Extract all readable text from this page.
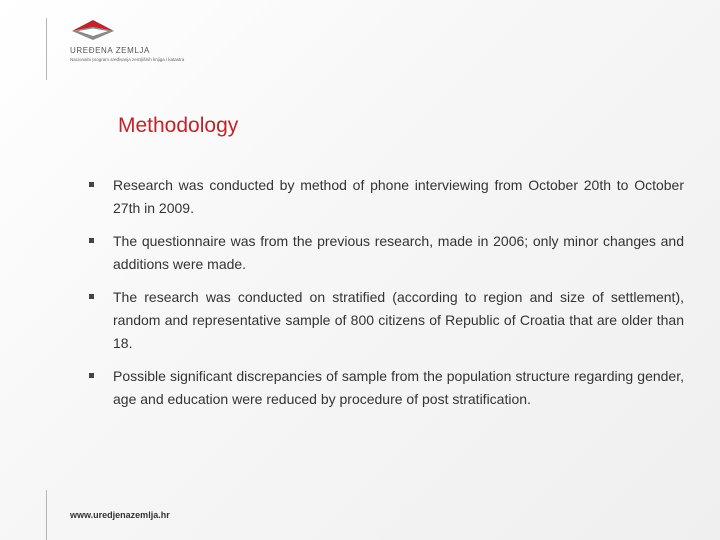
UREĐENA ZEMLJA
Nacionalni program sređivanja zemljišnih knjiga i katastra
Methodology
Research was conducted by method of phone interviewing from October 20th to October 27th in 2009.
The questionnaire was from the previous research, made in 2006; only minor changes and additions were made.
The research was conducted on stratified (according to region and size of settlement), random and representative sample of 800 citizens of Republic of Croatia that are older than 18.
Possible significant discrepancies of sample from the population structure regarding gender, age and education were reduced by procedure of post stratification.
www.uredjenazemlja.hr
